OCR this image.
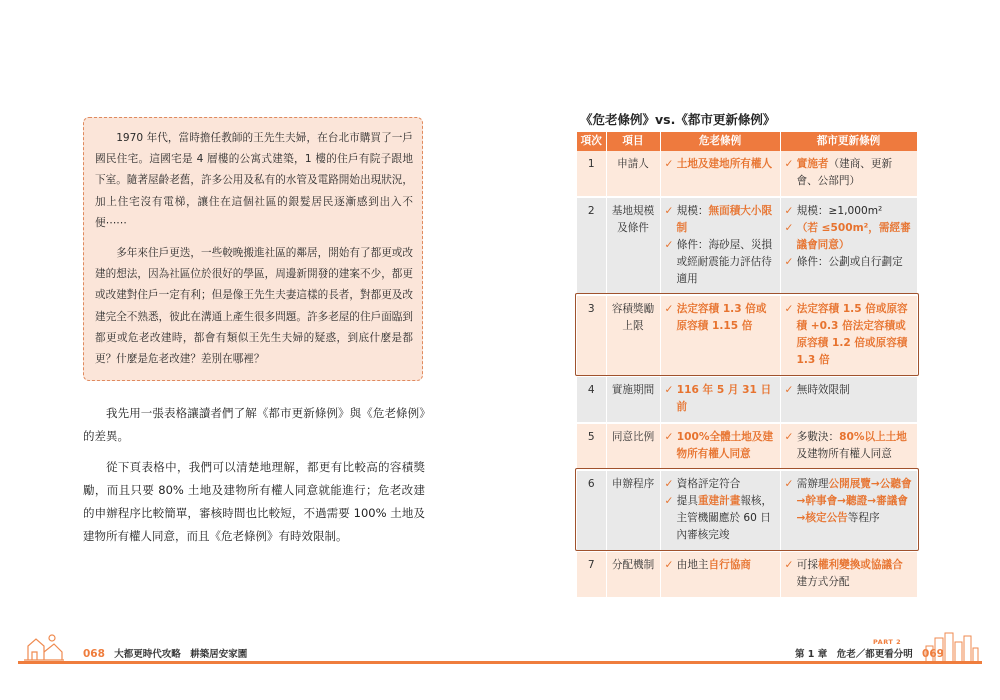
1970 年代，當時擔任教師的王先生夫婦，在台北市購買了一戶國民住宅。這國宅是 4 層樓的公寓式建築，1 樓的住戶有院子跟地下室。隨著屋齡老舊，許多公用及私有的水管及電路開始出現狀況，加上住宅沒有電梯，讓住在這個社區的銀髮居民逐漸感到出入不便⋯⋯

多年來住戶更迭，一些較晚搬進社區的鄰居，開始有了都更或改建的想法，因為社區位於很好的學區，周邊新開發的建案不少，都更或改建對住戶一定有利；但是像王先生夫妻這樣的長者，對都更及改建完全不熟悉，彼此在溝通上產生很多問題。許多老屋的住戶面臨到都更或危老改建時，都會有類似王先生夫婦的疑惑，到底什麼是都更？什麼是危老改建？差別在哪裡？

我先用一張表格讓讀者們了解《都市更新條例》與《危老條例》的差異。

從下頁表格中，我們可以清楚地理解，都更有比較高的容積獎勵，而且只要 80% 土地及建物所有權人同意就能進行；危老改建的申辦程序比較簡單，審核時間也比較短，不過需要 100% 土地及建物所有權人同意，而且《危老條例》有時效限制。

《危老條例》vs.《都市更新條例》
項次	項目	危老條例	都市更新條例
1	申請人	✓ 土地及建地所有權人	✓ 實施者（建商、更新會、公部門）

2	基地規模
及條件	✓ 規模：無面積大小限制
✓ 條件：海砂屋、災損或經耐震能力評估待適用	✓ 規模：≥1,000m²
✓ （若 ≤500m²，需經審議會同意）
✓ 條件：公劃或自行劃定

3	容積獎勵
上限	✓ 法定容積 1.3 倍或原容積 1.15 倍	✓ 法定容積 1.5 倍或原容積 +0.3 倍法定容積或原容積 1.2 倍或原容積 1.3 倍

4	實施期間	✓ 116 年 5 月 31 日前	✓ 無時效限制

5	同意比例	✓ 100%全體土地及建物所有權人同意	✓ 多數決：80%以上土地及建物所有權人同意

6	申辦程序	✓ 資格評定符合
✓ 提具重建計畫報核，主管機關應於 60 日內審核完竣	✓ 需辦理公開展覽→公聽會→幹事會→聽證→審議會→核定公告等程序

7	分配機制	✓ 由地主自行協商	✓ 可採權利變換或協議合建方式分配
068 大都更時代攻略　耕築居安家園
PART 2
第 1 章　危老／都更看分明 069
